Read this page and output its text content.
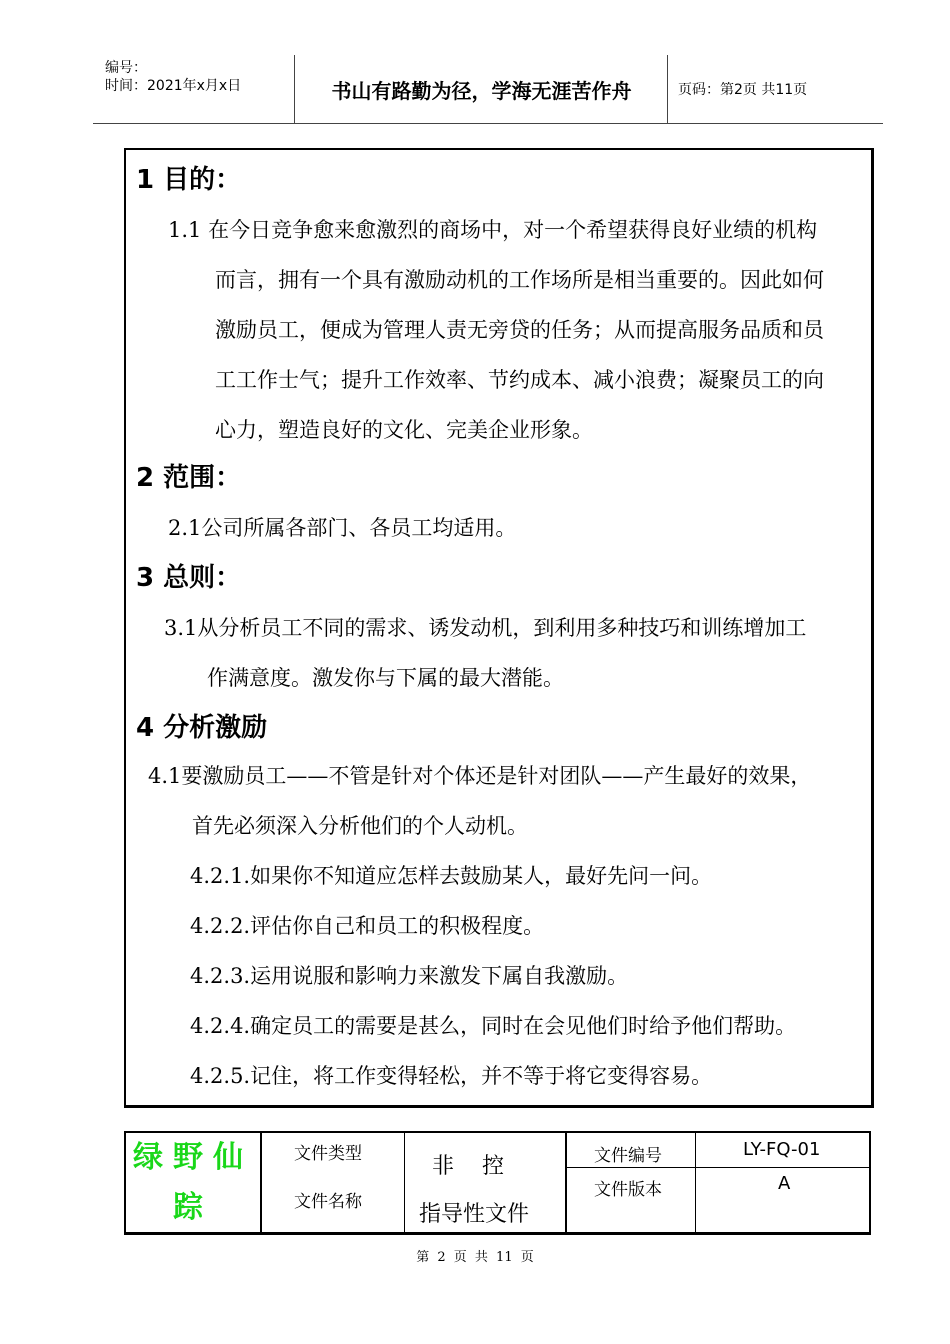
编号：
时间：2021年x月x日	书山有路勤为径，学海无涯苦作舟	页码：第2页 共11页
1 目的：
1.1 在今日竞争愈来愈激烈的商场中，对一个希望获得良好业绩的机构
而言，拥有一个具有激励动机的工作场所是相当重要的。因此如何
激励员工，便成为管理人责无旁贷的任务；从而提高服务品质和员
工工作士气；提升工作效率、节约成本、减小浪费；凝聚员工的向
心力，塑造良好的文化、完美企业形象。
2 范围：
2.1公司所属各部门、各员工均适用。
3 总则：
3.1从分析员工不同的需求、诱发动机，到利用多种技巧和训练增加工
作满意度。激发你与下属的最大潜能。
4 分析激励
4.1要激励员工——不管是针对个体还是针对团队——产生最好的效果，
首先必须深入分析他们的个人动机。
4.2.1.如果你不知道应怎样去鼓励某人，最好先问一问。
4.2.2.评估你自己和员工的积极程度。
4.2.3.运用说服和影响力来激发下属自我激励。
4.2.4.确定员工的需要是甚么，同时在会见他们时给予他们帮助。
4.2.5.记住，将工作变得轻松，并不等于将它变得容易。
绿野仙
踪
文件类型
文件名称
非    控
指导性文件
文件编号
文件版本
LY-FQ-01
A
第 2 页 共 11 页
